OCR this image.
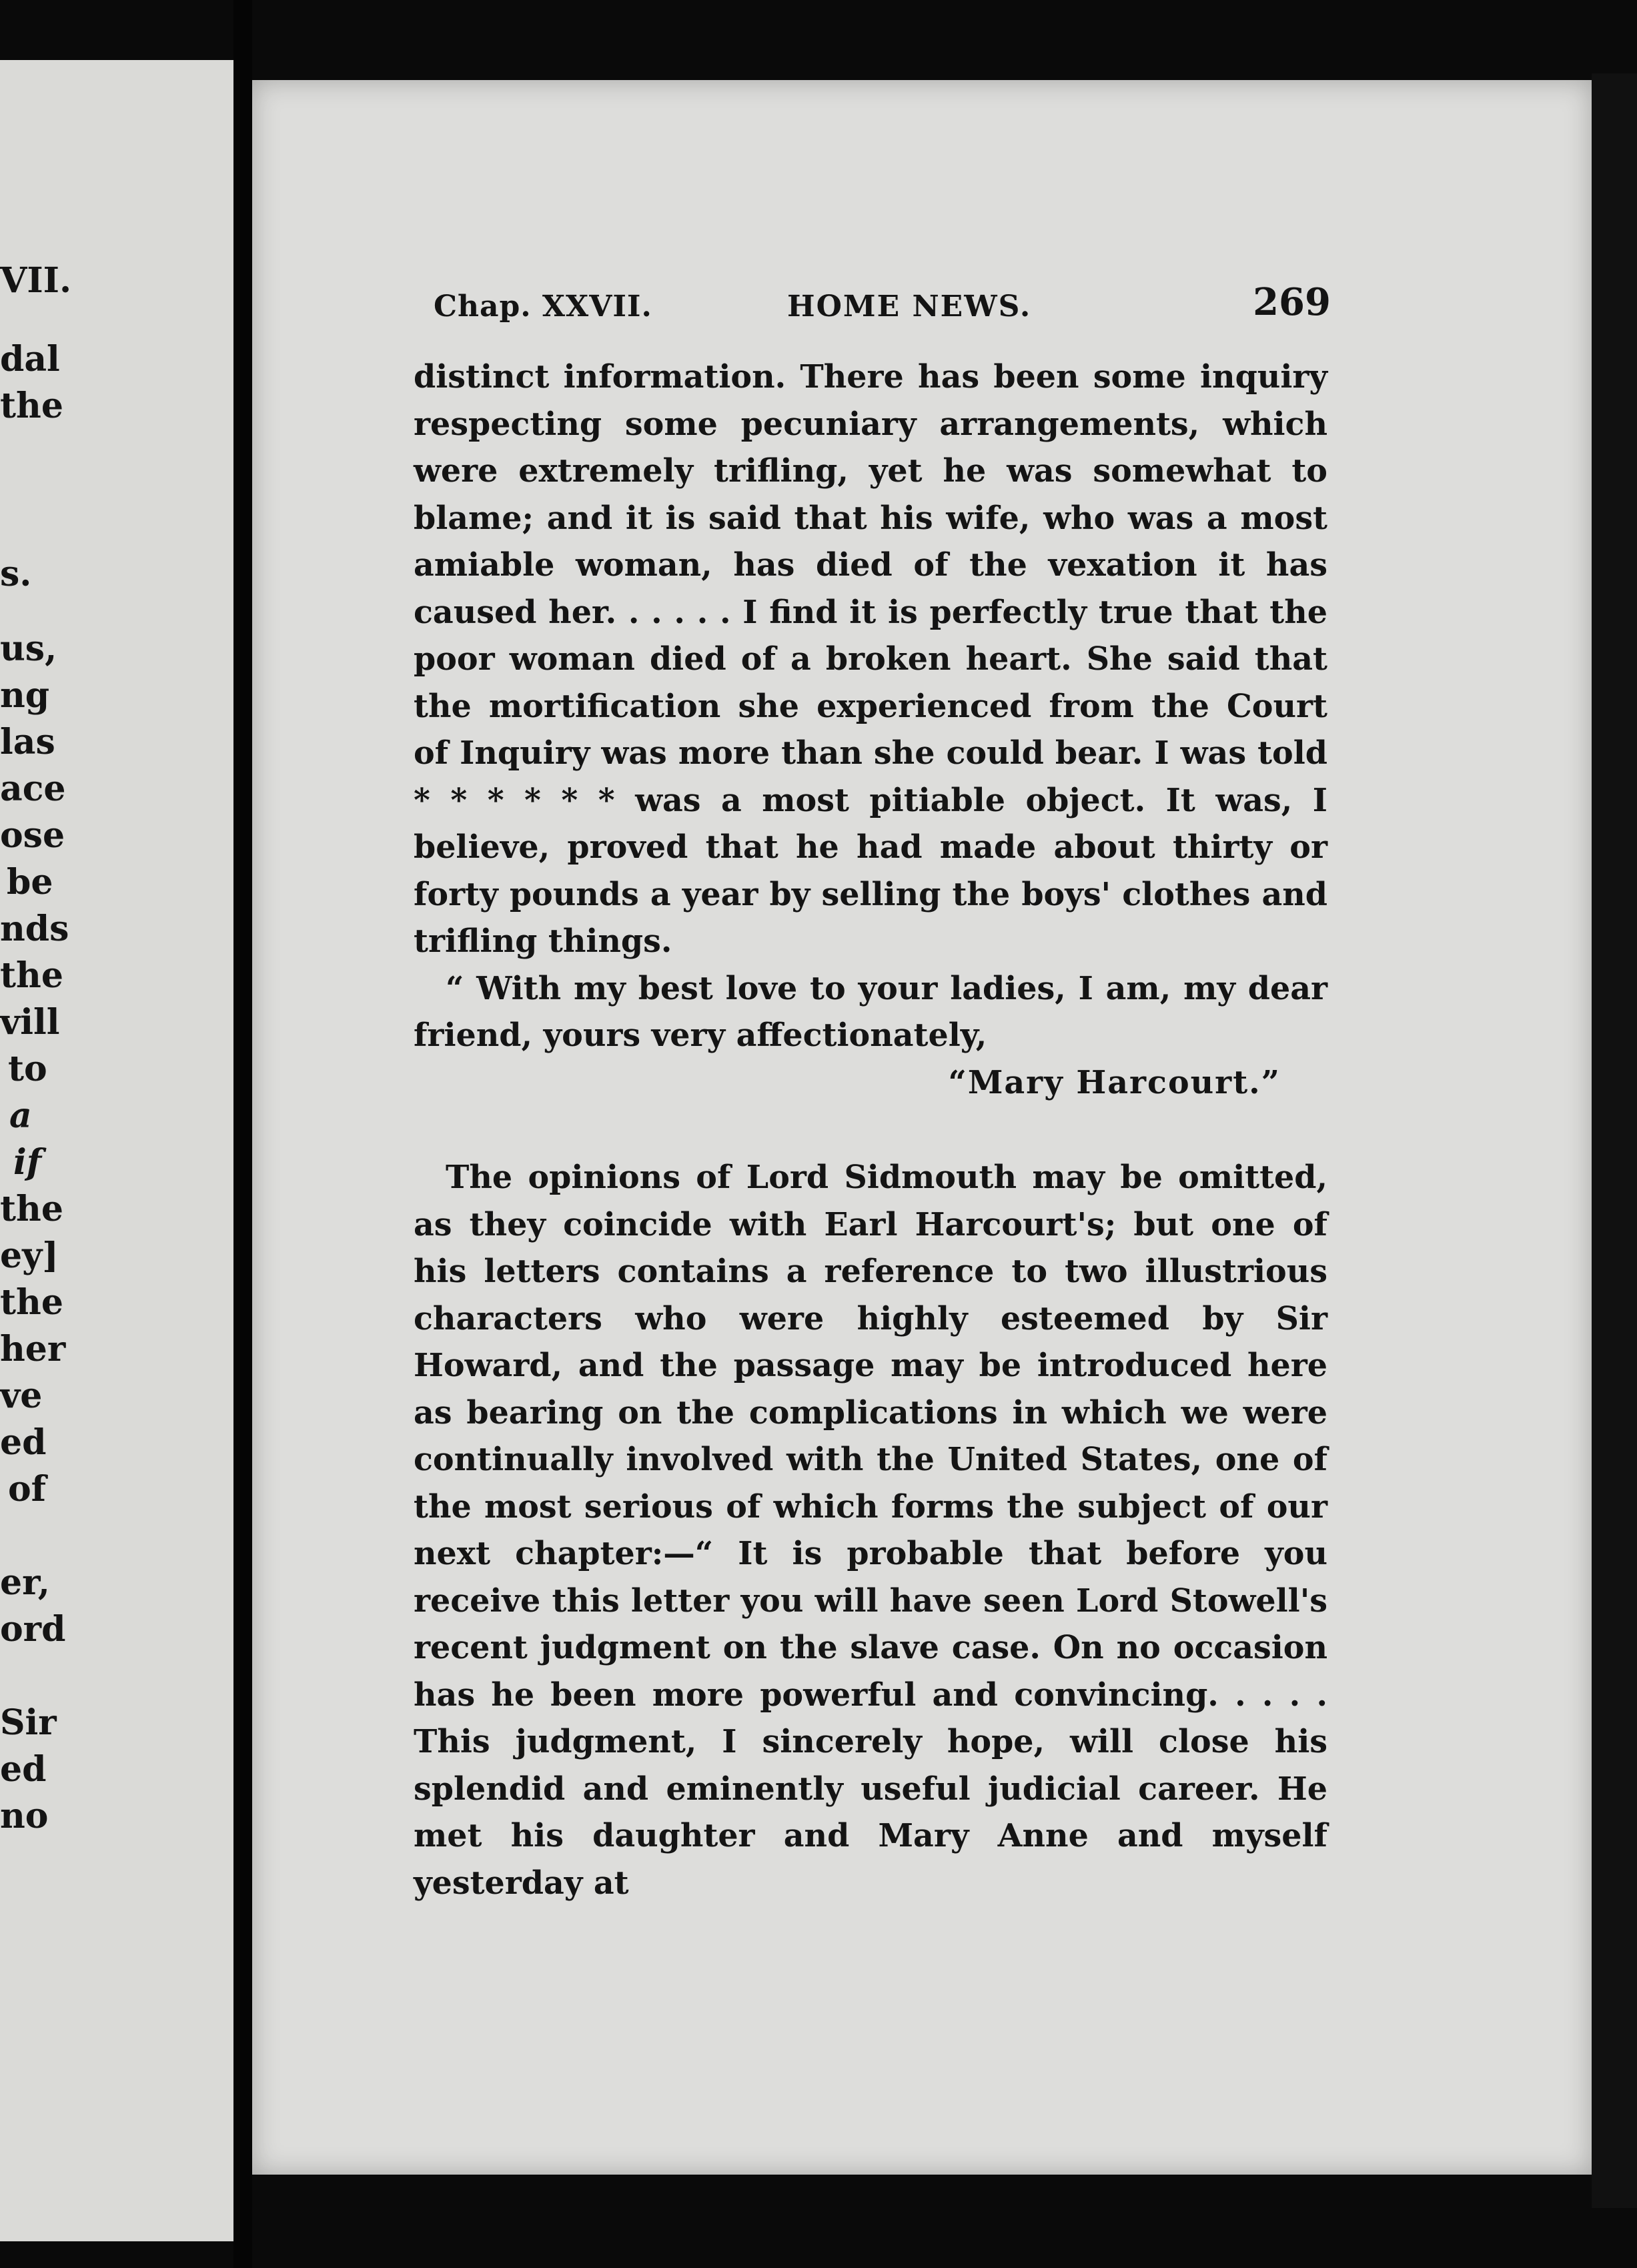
VII.
dal
the
s.
us,
ng
las
ace
ose
be
nds
the
vill
to
a
if
the
ey]
the
her
ve
ed
of
er,
ord
Sir
ed
no
Chap. XXVII.	HOME NEWS.	269

distinct information. There has been some inquiry respecting some pecuniary arrangements, which were extremely trifling, yet he was somewhat to blame; and it is said that his wife, who was a most amiable woman, has died of the vexation it has caused her. . . . . . I find it is perfectly true that the poor woman died of a broken heart. She said that the mortification she experienced from the Court of Inquiry was more than she could bear. I was told * * * * * * was a most pitiable object. It was, I believe, proved that he had made about thirty or forty pounds a year by selling the boys' clothes and trifling things.

“ With my best love to your ladies, I am, my dear friend, yours very affectionately,

“Mary Harcourt.”

The opinions of Lord Sidmouth may be omitted, as they coincide with Earl Harcourt's; but one of his letters contains a reference to two illustrious characters who were highly esteemed by Sir Howard, and the passage may be introduced here as bearing on the complications in which we were continually involved with the United States, one of the most serious of which forms the subject of our next chapter:—“ It is probable that before you receive this letter you will have seen Lord Stowell's recent judgment on the slave case. On no occasion has he been more powerful and convincing. . . . . This judgment, I sincerely hope, will close his splendid and eminently useful judicial career. He met his daughter and Mary Anne and myself yesterday at
